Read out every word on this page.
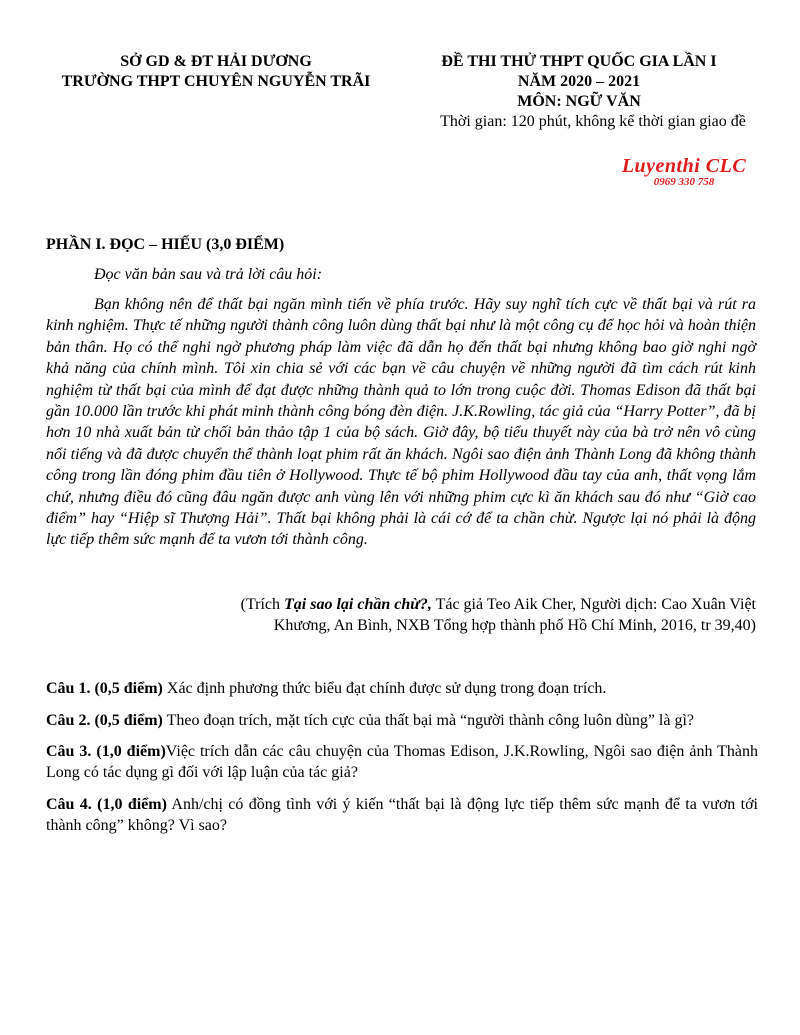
SỞ GD & ĐT HẢI DƯƠNG
TRƯỜNG THPT CHUYÊN NGUYỄN TRÃI
ĐỀ THI THỬ THPT QUỐC GIA LẦN I
NĂM 2020 – 2021
MÔN: NGỮ VĂN
Thời gian: 120 phút, không kể thời gian giao đề
Luyenthi CLC
0969 330 758
PHẦN I. ĐỌC – HIỂU (3,0 ĐIỂM)
Đọc văn bản sau và trả lời câu hỏi:

Bạn không nên để thất bại ngăn mình tiến về phía trước. Hãy suy nghĩ tích cực về thất bại và rút ra kinh nghiệm. Thực tế những người thành công luôn dùng thất bại như là một công cụ để học hỏi và hoàn thiện bản thân. Họ có thể nghi ngờ phương pháp làm việc đã dẫn họ đến thất bại nhưng không bao giờ nghi ngờ khả năng của chính mình. Tôi xin chia sẻ với các bạn về câu chuyện về những người đã tìm cách rút kinh nghiệm từ thất bại của mình để đạt được những thành quả to lớn trong cuộc đời. Thomas Edison đã thất bại gần 10.000 lần trước khi phát minh thành công bóng đèn điện. J.K.Rowling, tác giả của “Harry Potter”, đã bị hơn 10 nhà xuất bản từ chối bản thảo tập 1 của bộ sách. Giờ đây, bộ tiểu thuyết này của bà trở nên vô cùng nổi tiếng và đã được chuyển thể thành loạt phim rất ăn khách. Ngôi sao điện ảnh Thành Long đã không thành công trong lần đóng phim đầu tiên ở Hollywood. Thực tế bộ phim Hollywood đầu tay của anh, thất vọng lắm chứ, nhưng điều đó cũng đâu ngăn được anh vùng lên với những phim cực kì ăn khách sau đó như “Giờ cao điểm” hay “Hiệp sĩ Thượng Hải”. Thất bại không phải là cái cớ để ta chần chừ. Ngược lại nó phải là động lực tiếp thêm sức mạnh để ta vươn tới thành công.

(Trích Tại sao lại chần chừ?, Tác giả Teo Aik Cher, Người dịch: Cao Xuân Việt Khương, An Bình, NXB Tổng hợp thành phố Hồ Chí Minh, 2016, tr 39,40)

Câu 1. (0,5 điểm) Xác định phương thức biểu đạt chính được sử dụng trong đoạn trích.

Câu 2. (0,5 điểm) Theo đoạn trích, mặt tích cực của thất bại mà “người thành công luôn dùng” là gì?

Câu 3. (1,0 điểm)Việc trích dẫn các câu chuyện của Thomas Edison, J.K.Rowling, Ngôi sao điện ảnh Thành Long có tác dụng gì đối với lập luận của tác giả?

Câu 4. (1,0 điểm) Anh/chị có đồng tình với ý kiến “thất bại là động lực tiếp thêm sức mạnh để ta vươn tới thành công” không? Vì sao?
